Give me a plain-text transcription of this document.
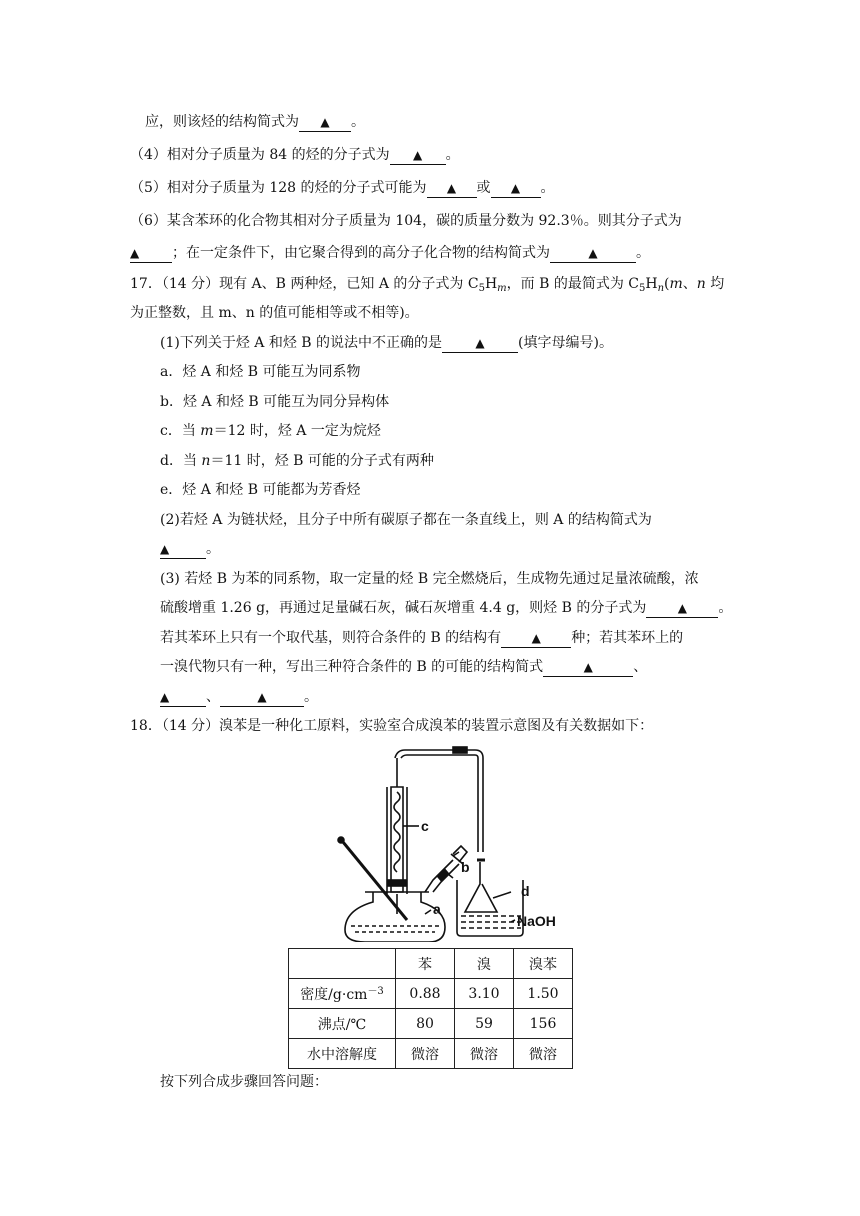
应，则该烃的结构简式为 ▲ 。
（4）相对分子质量为 84 的烃的分子式为 ▲ 。
（5）相对分子质量为 128 的烃的分子式可能为 ▲ 或 ▲ 。
（6）某含苯环的化合物其相对分子质量为 104，碳的质量分数为 92.3％。则其分子式为
▲ ；在一定条件下，由它聚合得到的高分子化合物的结构简式为	▲	。
17．（14 分）现有 A、B 两种烃，已知 A 的分子式为 $C_5H_m$，而 B 的最简式为 $C_5H_n(m$、n 均
为正整数，且 m、n 的值可能相等或不相等)。
(1)下列关于烃 A 和烃 B 的说法中不正确的是	▲ (填字母编号)。
a．烃 A 和烃 B 可能互为同系物
b．烃 A 和烃 B 可能互为同分异构体
c．当 m＝12 时，烃 A 一定为烷烃
d．当 n＝11 时，烃 B 可能的分子式有两种
e．烃 A 和烃 B 可能都为芳香烃
(2)若烃 A 为链状烃，且分子中所有碳原子都在一条直线上，则 A 的结构简式为
▲	。
(3) 若烃 B 为苯的同系物，取一定量的烃 B 完全燃烧后，生成物先通过足量浓硫酸，浓
硫酸增重 1.26 g，再通过足量碱石灰，碱石灰增重 4.4 g，则烃 B 的分子式为	▲ 。
若其苯环上只有一个取代基，则符合条件的 B 的结构有	▲ 种；若其苯环上的
一溴代物只有一种，写出三种符合条件的 B 的可能的结构简式	▲	、
▲	、	▲	。
18．（14 分）溴苯是一种化工原料，实验室合成溴苯的装置示意图及有关数据如下：
c
b
a
d
NaOH
	苯	溴	溴苯
密度$/g\cdot cm^{-3}$	0.88	3.10	1.50
沸点/℃	80	59	156
水中溶解度	微溶	微溶	微溶
按下列合成步骤回答问题：
